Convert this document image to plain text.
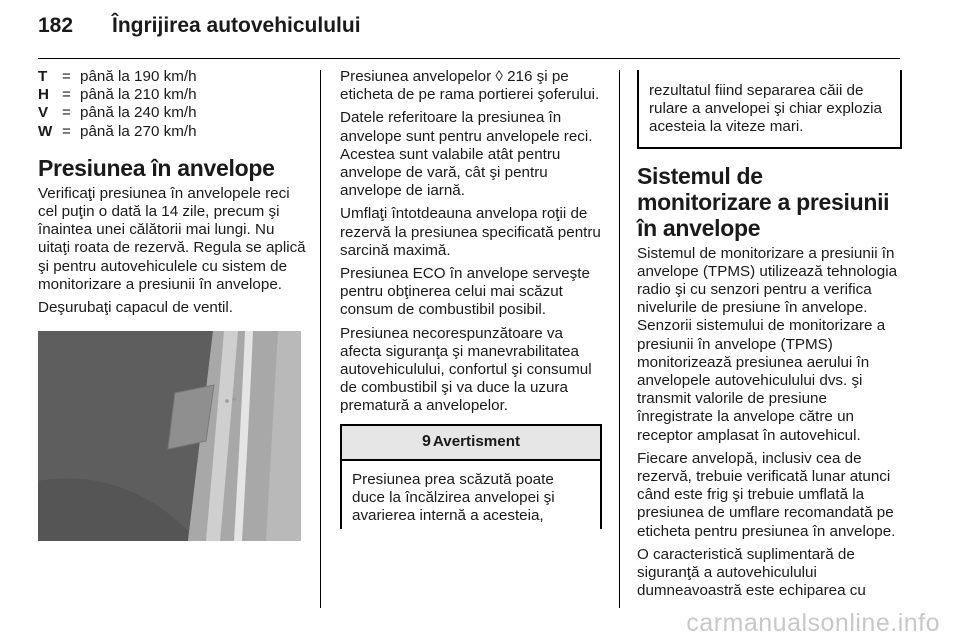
182 Îngrijirea autovehiculului
T	=	până la 190 km/h
H	=	până la 210 km/h
V	=	până la 240 km/h
W	=	până la 270 km/h
Presiunea în anvelope

Verificaţi presiunea în anvelopele reci cel puţin o dată la 14 zile, precum şi înaintea unei călătorii mai lungi. Nu uitaţi roata de rezervă. Regula se aplică şi pentru autovehiculele cu sistem de monitorizare a presiunii în anvelope.

Deşurubaţi capacul de ventil.

Presiunea anvelopelor ◊ 216 şi pe eticheta de pe rama portierei şoferului.

Datele referitoare la presiunea în anvelope sunt pentru anvelopele reci. Acestea sunt valabile atât pentru anvelope de vară, cât şi pentru anvelope de iarnă.

Umflaţi întotdeauna anvelopa roţii de rezervă la presiunea specificată pentru sarcină maximă.

Presiunea ECO în anvelope serveşte pentru obţinerea celui mai scăzut consum de combustibil posibil.

Presiunea necorespunzătoare va afecta siguranţa şi manevrabilitatea autovehiculului, confortul şi consumul de combustibil şi va duce la uzura prematură a anvelopelor.

9 Avertisment
Presiunea prea scăzută poate duce la încălzirea anvelopei şi avarierea internă a acesteia,
rezultatul fiind separarea căii de rulare a anvelopei şi chiar explozia acesteia la viteze mari.
Sistemul de monitorizare a presiunii în anvelope

Sistemul de monitorizare a presiunii în anvelope (TPMS) utilizează tehnologia radio şi cu senzori pentru a verifica nivelurile de presiune în anvelope. Senzorii sistemului de monitorizare a presiunii în anvelope (TPMS) monitorizează presiunea aerului în anvelopele autovehiculului dvs. şi transmit valorile de presiune înregistrate la anvelope către un receptor amplasat în autovehicul.

Fiecare anvelopă, inclusiv cea de rezervă, trebuie verificată lunar atunci când este frig şi trebuie umflată la presiunea de umflare recomandată pe eticheta pentru presiunea în anvelope.

O caracteristică suplimentară de siguranţă a autovehiculului dumneavoastră este echiparea cu

carmanualsonline.info
